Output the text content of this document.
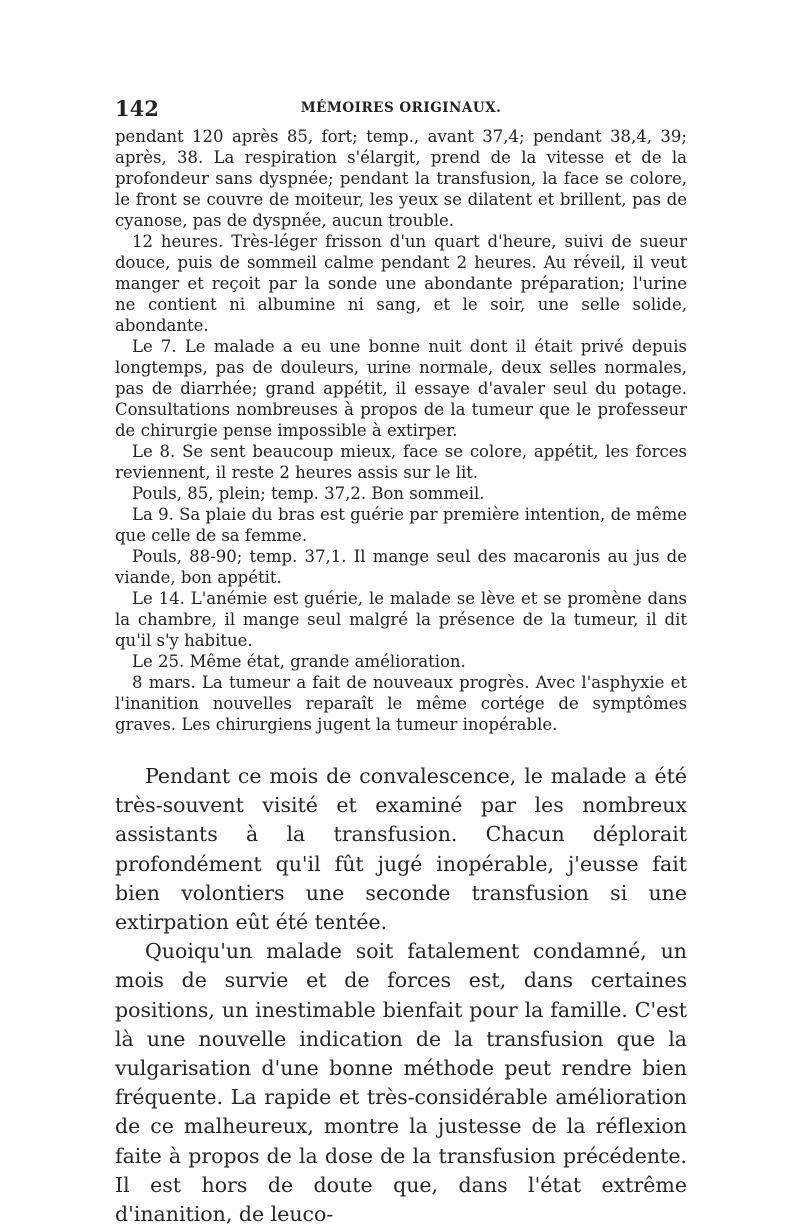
142	MÉMOIRES ORIGINAUX.

pendant 120 après 85, fort; temp., avant 37,4; pendant 38,4, 39; après, 38. La respiration s'élargit, prend de la vitesse et de la profondeur sans dyspnée; pendant la transfusion, la face se colore, le front se couvre de moiteur, les yeux se dilatent et brillent, pas de cyanose, pas de dyspnée, aucun trouble.

12 heures. Très-léger frisson d'un quart d'heure, suivi de sueur douce, puis de sommeil calme pendant 2 heures. Au réveil, il veut manger et reçoit par la sonde une abondante préparation; l'urine ne contient ni albumine ni sang, et le soir, une selle solide, abondante.

Le 7. Le malade a eu une bonne nuit dont il était privé depuis longtemps, pas de douleurs, urine normale, deux selles normales, pas de diarrhée; grand appétit, il essaye d'avaler seul du potage. Consultations nombreuses à propos de la tumeur que le professeur de chirurgie pense impossible à extirper.

Le 8. Se sent beaucoup mieux, face se colore, appétit, les forces reviennent, il reste 2 heures assis sur le lit.

Pouls, 85, plein; temp. 37,2. Bon sommeil.

La 9. Sa plaie du bras est guérie par première intention, de même que celle de sa femme.

Pouls, 88-90; temp. 37,1. Il mange seul des macaronis au jus de viande, bon appétit.

Le 14. L'anémie est guérie, le malade se lève et se promène dans la chambre, il mange seul malgré la présence de la tumeur, il dit qu'il s'y habitue.

Le 25. Même état, grande amélioration.

8 mars. La tumeur a fait de nouveaux progrès. Avec l'asphyxie et l'inanition nouvelles reparaît le même cortége de symptômes graves. Les chirurgiens jugent la tumeur inopérable.

Pendant ce mois de convalescence, le malade a été très-souvent visité et examiné par les nombreux assistants à la transfusion. Chacun déplorait profondément qu'il fût jugé inopérable, j'eusse fait bien volontiers une seconde transfusion si une extirpation eût été tentée.

Quoiqu'un malade soit fatalement condamné, un mois de survie et de forces est, dans certaines positions, un inestimable bienfait pour la famille. C'est là une nouvelle indication de la transfusion que la vulgarisation d'une bonne méthode peut rendre bien fréquente. La rapide et très-considérable amélioration de ce malheureux, montre la justesse de la réflexion faite à propos de la dose de la transfusion précédente. Il est hors de doute que, dans l'état extrême d'inanition, de leuco-
